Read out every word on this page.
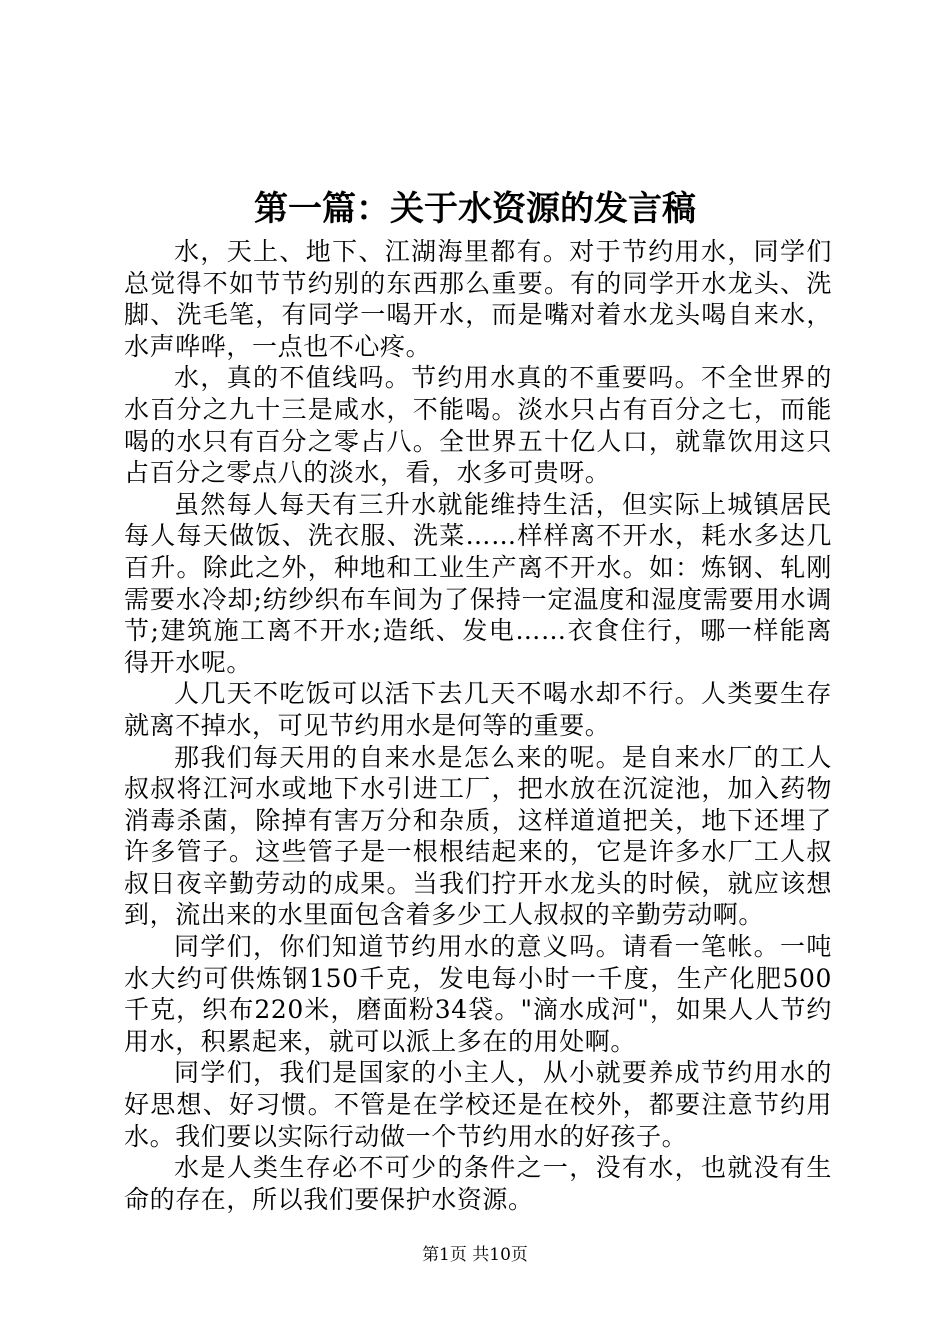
第一篇：关于水资源的发言稿

水，天上、地下、江湖海里都有。对于节约用水，同学们总觉得不如节节约别的东西那么重要。有的同学开水龙头、洗脚、洗毛笔，有同学一喝开水，而是嘴对着水龙头喝自来水，水声哗哗，一点也不心疼。

水，真的不值线吗。节约用水真的不重要吗。不全世界的水百分之九十三是咸水，不能喝。淡水只占有百分之七，而能喝的水只有百分之零占八。全世界五十亿人口，就靠饮用这只占百分之零点八的淡水，看，水多可贵呀。

虽然每人每天有三升水就能维持生活，但实际上城镇居民每人每天做饭、洗衣服、洗菜……样样离不开水，耗水多达几百升。除此之外，种地和工业生产离不开水。如：炼钢、轧刚需要水冷却;纺纱织布车间为了保持一定温度和湿度需要用水调节;建筑施工离不开水;造纸、发电……衣食住行，哪一样能离得开水呢。

人几天不吃饭可以活下去几天不喝水却不行。人类要生存就离不掉水，可见节约用水是何等的重要。

那我们每天用的自来水是怎么来的呢。是自来水厂的工人叔叔将江河水或地下水引进工厂，把水放在沉淀池，加入药物消毒杀菌，除掉有害万分和杂质，这样道道把关，地下还埋了许多管子。这些管子是一根根结起来的，它是许多水厂工人叔叔日夜辛勤劳动的成果。当我们拧开水龙头的时候，就应该想到，流出来的水里面包含着多少工人叔叔的辛勤劳动啊。

同学们，你们知道节约用水的意义吗。请看一笔帐。一吨水大约可供炼钢150千克，发电每小时一千度，生产化肥500千克，织布220米，磨面粉34袋。"滴水成河"，如果人人节约用水，积累起来，就可以派上多在的用处啊。

同学们，我们是国家的小主人，从小就要养成节约用水的好思想、好习惯。不管是在学校还是在校外，都要注意节约用水。我们要以实际行动做一个节约用水的好孩子。

水是人类生存必不可少的条件之一，没有水，也就没有生命的存在，所以我们要保护水资源。

第1页 共10页
